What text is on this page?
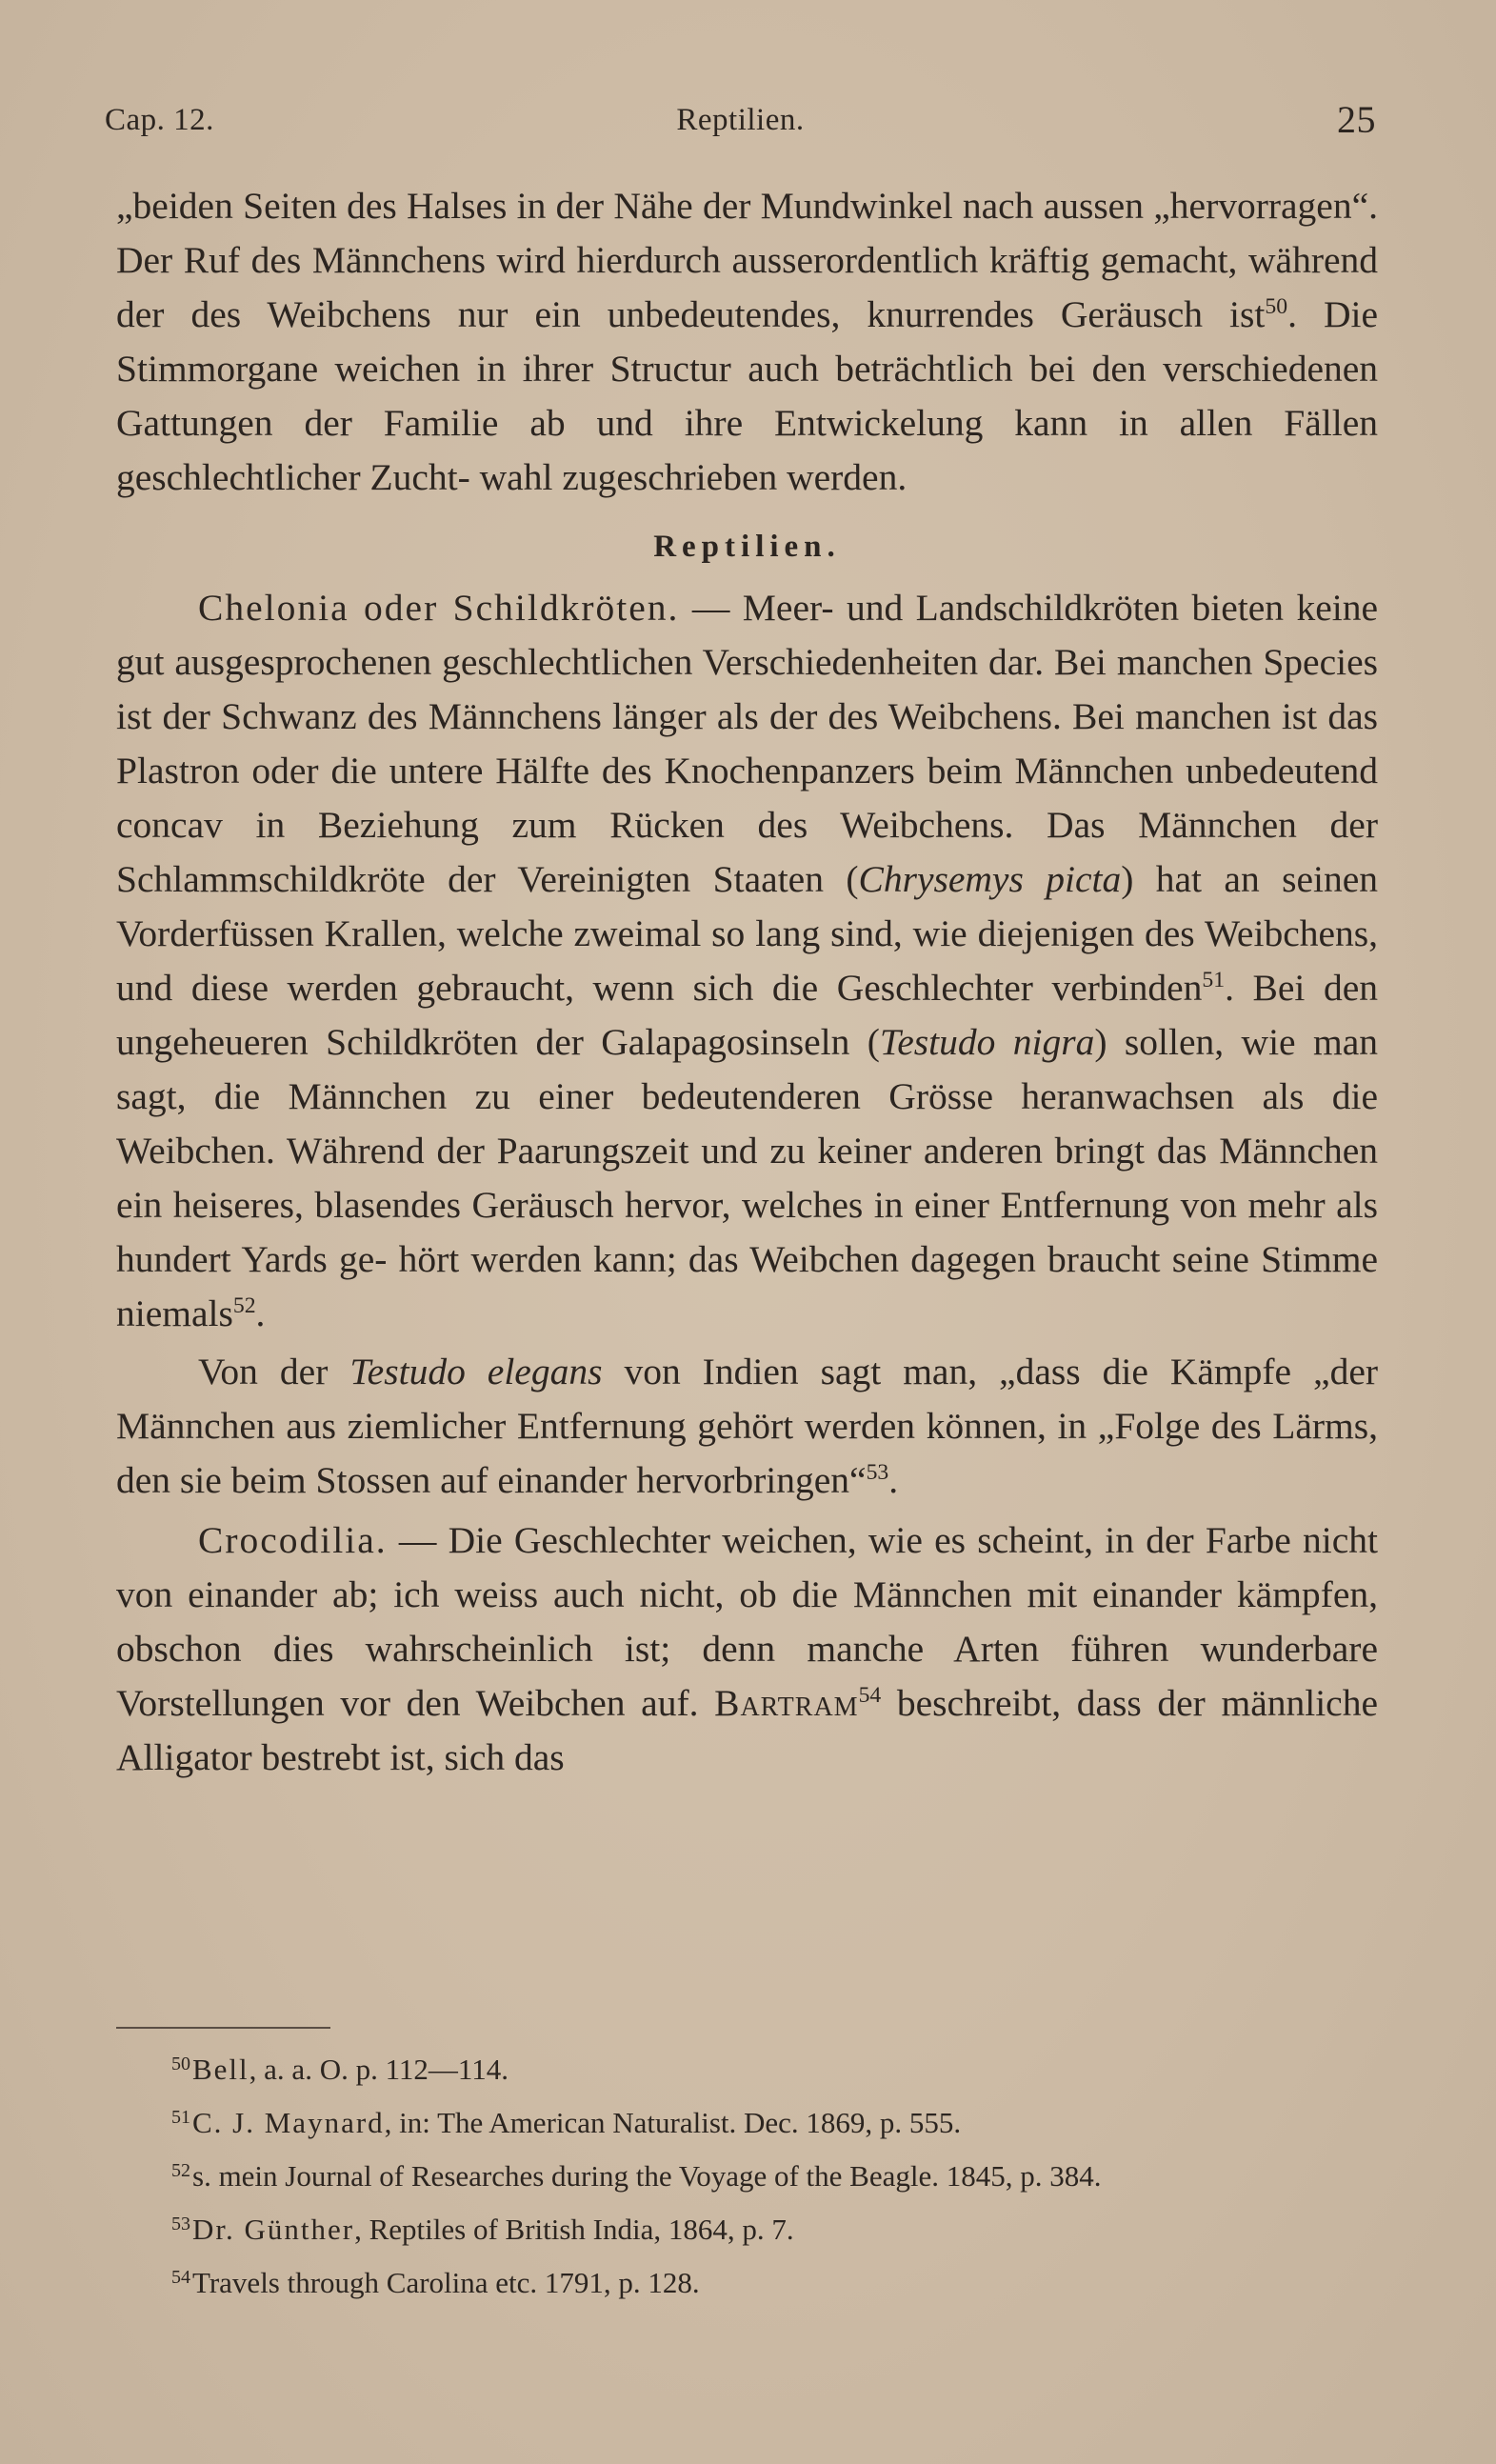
Cap. 12.	Reptilien.	25

„beiden Seiten des Halses in der Nähe der Mundwinkel nach aussen „hervorragen“. Der Ruf des Männchens wird hierdurch ausserordentlich kräftig gemacht, während der des Weibchens nur ein unbedeutendes, knurrendes Geräusch ist$^{50}$. Die Stimmorgane weichen in ihrer Structur auch beträchtlich bei den verschiedenen Gattungen der Familie ab und ihre Entwickelung kann in allen Fällen geschlechtlicher Zucht- wahl zugeschrieben werden.

Reptilien.

Chelonia oder Schildkröten. — Meer- und Landschildkröten bieten keine gut ausgesprochenen geschlechtlichen Verschiedenheiten dar. Bei manchen Species ist der Schwanz des Männchens länger als der des Weibchens. Bei manchen ist das Plastron oder die untere Hälfte des Knochenpanzers beim Männchen unbedeutend concav in Beziehung zum Rücken des Weibchens. Das Männchen der Schlammschildkröte der Vereinigten Staaten (Chrysemys picta) hat an seinen Vorderfüssen Krallen, welche zweimal so lang sind, wie diejenigen des Weibchens, und diese werden gebraucht, wenn sich die Geschlechter verbinden$^{51}$. Bei den ungeheueren Schildkröten der Galapagosinseln (Testudo nigra) sollen, wie man sagt, die Männchen zu einer bedeutenderen Grösse heranwachsen als die Weibchen. Während der Paarungszeit und zu keiner anderen bringt das Männchen ein heiseres, blasendes Geräusch hervor, welches in einer Entfernung von mehr als hundert Yards ge- hört werden kann; das Weibchen dagegen braucht seine Stimme niemals$^{52}$.

Von der Testudo elegans von Indien sagt man, „dass die Kämpfe „der Männchen aus ziemlicher Entfernung gehört werden können, in „Folge des Lärms, den sie beim Stossen auf einander hervorbringen“$^{53}$.

Crocodilia. — Die Geschlechter weichen, wie es scheint, in der Farbe nicht von einander ab; ich weiss auch nicht, ob die Männchen mit einander kämpfen, obschon dies wahrscheinlich ist; denn manche Arten führen wunderbare Vorstellungen vor den Weibchen auf. Bartram$^{54}$ beschreibt, dass der männliche Alligator bestrebt ist, sich das

50Bell, a. a. O. p. 112—114.

51C. J. Maynard, in: The American Naturalist. Dec. 1869, p. 555.

52s. mein Journal of Researches during the Voyage of the Beagle. 1845, p. 384.

53Dr. Günther, Reptiles of British India, 1864, p. 7.

54Travels through Carolina etc. 1791, p. 128.
